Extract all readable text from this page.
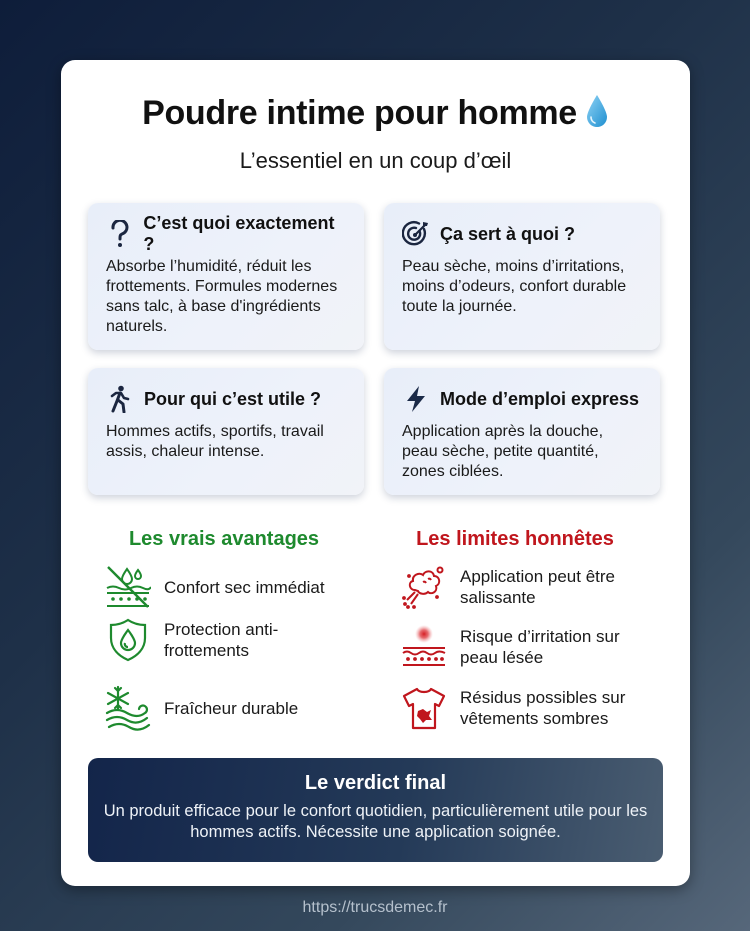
Poudre intime pour homme
L’essentiel en un coup d’œil
C’est quoi exactement ?
Absorbe l’humidité, réduit les frottements. Formules modernes sans talc, à base d'ingrédients naturels.
Ça sert à quoi ?
Peau sèche, moins d’irritations, moins d’odeurs, confort durable toute la journée.
Pour qui c’est utile ?
Hommes actifs, sportifs, travail assis, chaleur intense.
Mode d’emploi express
Application après la douche, peau sèche, petite quantité, zones ciblées.
Les vrais avantages
Confort sec immédiat
Protection anti-frottements
Fraîcheur durable
Les limites honnêtes
Application peut être salissante
Risque d’irritation sur peau lésée
Résidus possibles sur vêtements sombres
Le verdict final
Un produit efficace pour le confort quotidien, particulièrement utile pour les hommes actifs. Nécessite une application soignée.
https://trucsdemec.fr
